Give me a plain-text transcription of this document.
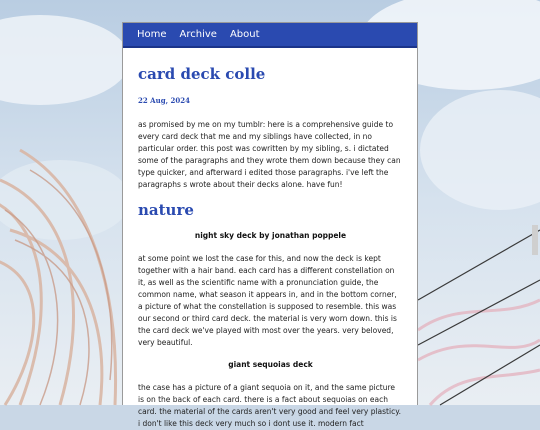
Home Archive About
card deck colle
22 Aug, 2024

as promised by me on my tumblr: here is a comprehensive guide to every card deck that me and my siblings have collected, in no particular order. this post was cowritten by my sibling, s. i dictated some of the paragraphs and they wrote them down because they can type quicker, and afterward i edited those paragraphs. i've left the paragraphs s wrote about their decks alone. have fun!

nature
night sky deck by jonathan poppele

at some point we lost the case for this, and now the deck is kept together with a hair band. each card has a different constellation on it, as well as the scientific name with a pronunciation guide, the common name, what season it appears in, and in the bottom corner, a picture of what the constellation is supposed to resemble. this was our second or third card deck. the material is very worn down. this is the card deck we've played with most over the years. very beloved, very beautiful.

giant sequoias deck

the case has a picture of a giant sequoia on it, and the same picture is on the back of each card. there is a fact about sequoias on each card. the material of the cards aren't very good and feel very plasticy. i don't like this deck very much so i dont use it. modern fact
